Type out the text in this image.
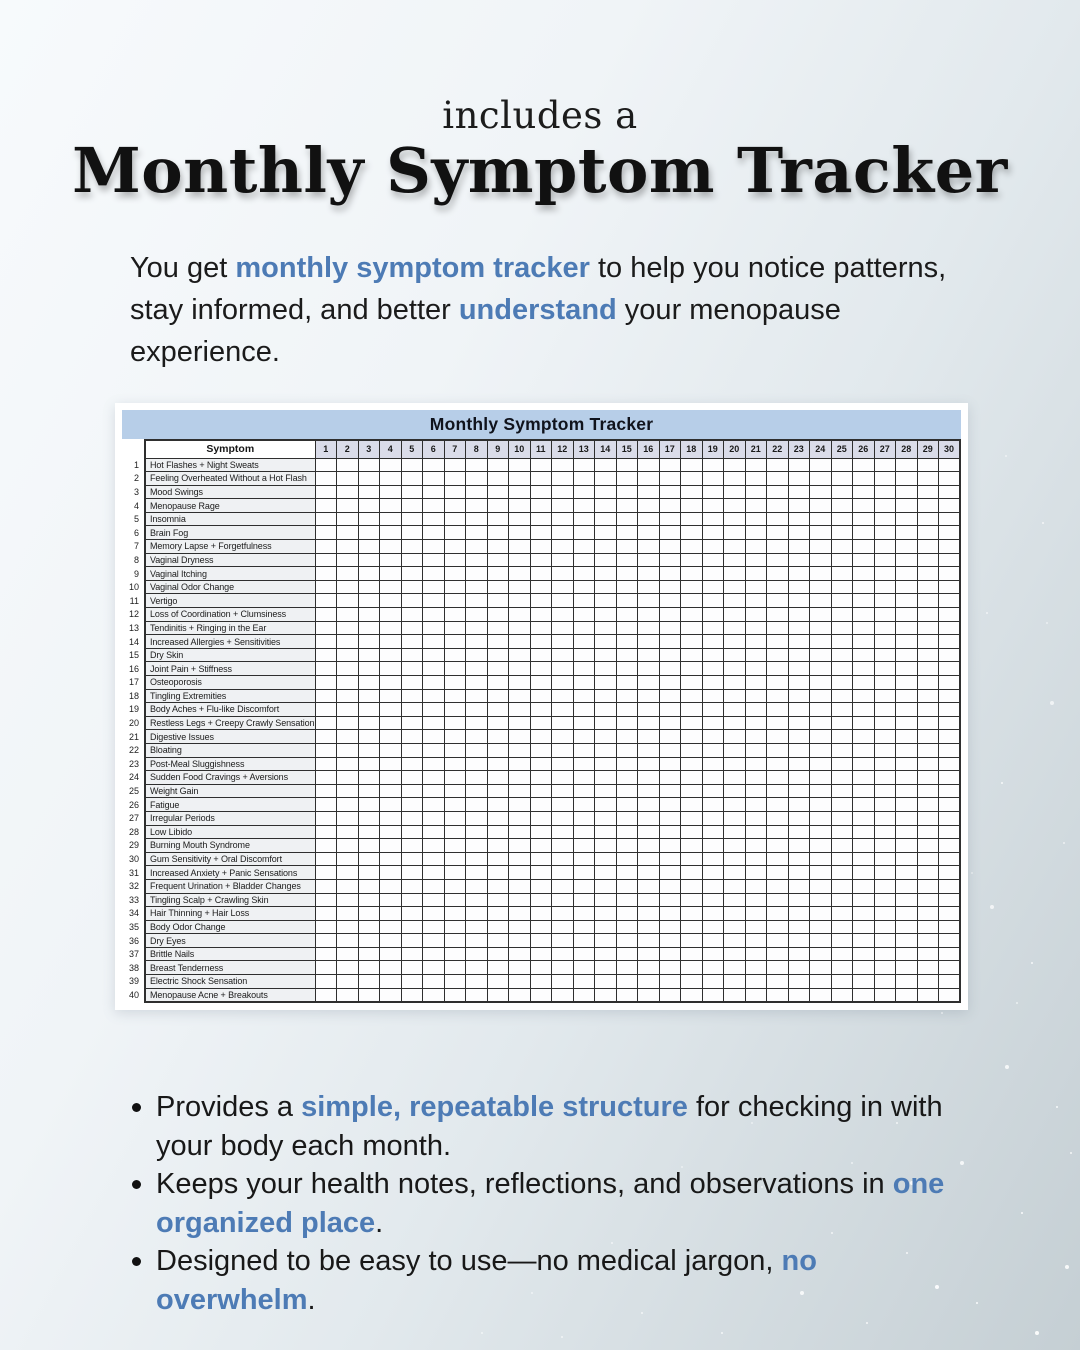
includes a
Monthly Symptom Tracker

You get monthly symptom tracker to help you notice patterns, stay informed, and better understand your menopause experience.

Monthly Symptom Tracker
	Symptom	1	2	3	4	5	6	7	8	9	10	11	12	13	14	15	16	17	18	19	20	21	22	23	24	25	26	27	28	29	30
1	Hot Flashes + Night Sweats																														
2	Feeling Overheated Without a Hot Flash																														
3	Mood Swings																														
4	Menopause Rage																														
5	Insomnia																														
6	Brain Fog																														
7	Memory Lapse + Forgetfulness																														
8	Vaginal Dryness																														
9	Vaginal Itching																														
10	Vaginal Odor Change																														
11	Vertigo																														
12	Loss of Coordination + Clumsiness																														
13	Tendinitis + Ringing in the Ear																														
14	Increased Allergies + Sensitivities																														
15	Dry Skin																														
16	Joint Pain + Stiffness																														
17	Osteoporosis																														
18	Tingling Extremities																														
19	Body Aches + Flu-like Discomfort																														
20	Restless Legs + Creepy Crawly Sensation																														
21	Digestive Issues																														
22	Bloating																														
23	Post-Meal Sluggishness																														
24	Sudden Food Cravings + Aversions																														
25	Weight Gain																														
26	Fatigue																														
27	Irregular Periods																														
28	Low Libido																														
29	Burning Mouth Syndrome																														
30	Gum Sensitivity + Oral Discomfort																														
31	Increased Anxiety + Panic Sensations																														
32	Frequent Urination + Bladder Changes																														
33	Tingling Scalp + Crawling Skin																														
34	Hair Thinning + Hair Loss																														
35	Body Odor Change																														
36	Dry Eyes																														
37	Brittle Nails																														
38	Breast Tenderness																														
39	Electric Shock Sensation																														
40	Menopause Acne + Breakouts																														
Provides a simple, repeatable structure for checking in with your body each month.
Keeps your health notes, reflections, and observations in one organized place.
Designed to be easy to use—no medical jargon, no overwhelm.
